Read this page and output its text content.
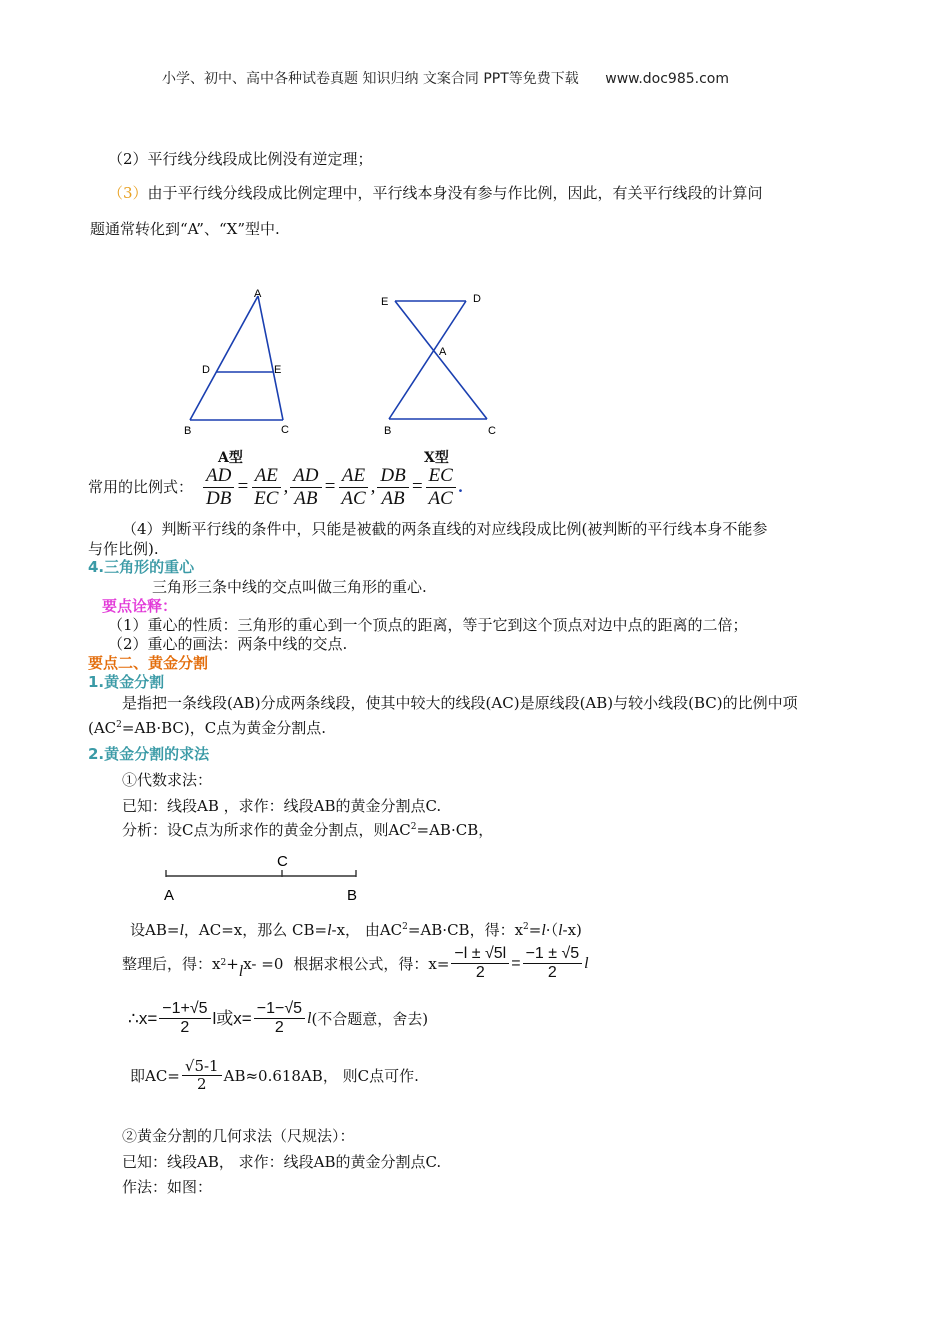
小学、初中、高中各种试卷真题 知识归纳 文案合同 PPT等免费下载 www.doc985.com
（2）平行线分线段成比例没有逆定理；
（3）由于平行线分线段成比例定理中，平行线本身没有参与作比例，因此，有关平行线段的计算问
题通常转化到“A”、“X”型中.
A
D	E
B	C
A型
E	D
A
B	C
X型
常用的比例式： $\frac{AD}{DB} = \frac{AE}{EC}$ , $\frac{AD}{AB} = \frac{AE}{AC}$ , $\frac{DB}{AB} = \frac{EC}{AC}$ .
（4）判断平行线的条件中，只能是被截的两条直线的对应线段成比例(被判断的平行线本身不能参
与作比例).
4.三角形的重心
三角形三条中线的交点叫做三角形的重心.
要点诠释：
（1）重心的性质：三角形的重心到一个顶点的距离，等于它到这个顶点对边中点的距离的二倍；
（2）重心的画法：两条中线的交点.
要点二、黄金分割
1.黄金分割
是指把一条线段(AB)分成两条线段，使其中较大的线段(AC)是原线段(AB)与较小线段(BC)的比例中项
$(AC^2=AB\cdot BC)$，C点为黄金分割点.
2.黄金分割的求法
①代数求法：
已知：线段AB ，求作：线段AB的黄金分割点C.
分析：设C点为所求作的黄金分割点，则$AC^2=AB\cdot CB$，
A
C
B
设AB=l，AC=x，那么 CB=l-x， 由$AC^2=AB\cdot CB$，得：$x^2=l\cdot(l-x)$
整理后，得：x 2 + l x- =0 根据求根公式，得：$x= \frac{-l \pm √5l}{2} = \frac{-1 \pm √5}{2}$ l
∴x= $\frac{-1+√5}{2}$ l或$x= \frac{-1-√5}{2}$ l (不合题意，舍去)
即$AC= \frac{√5-1}{2} AB\approx 0.618AB$， 则C点可作.
②黄金分割的几何求法（尺规法）：
已知：线段AB， 求作：线段AB的黄金分割点C.
作法：如图：
